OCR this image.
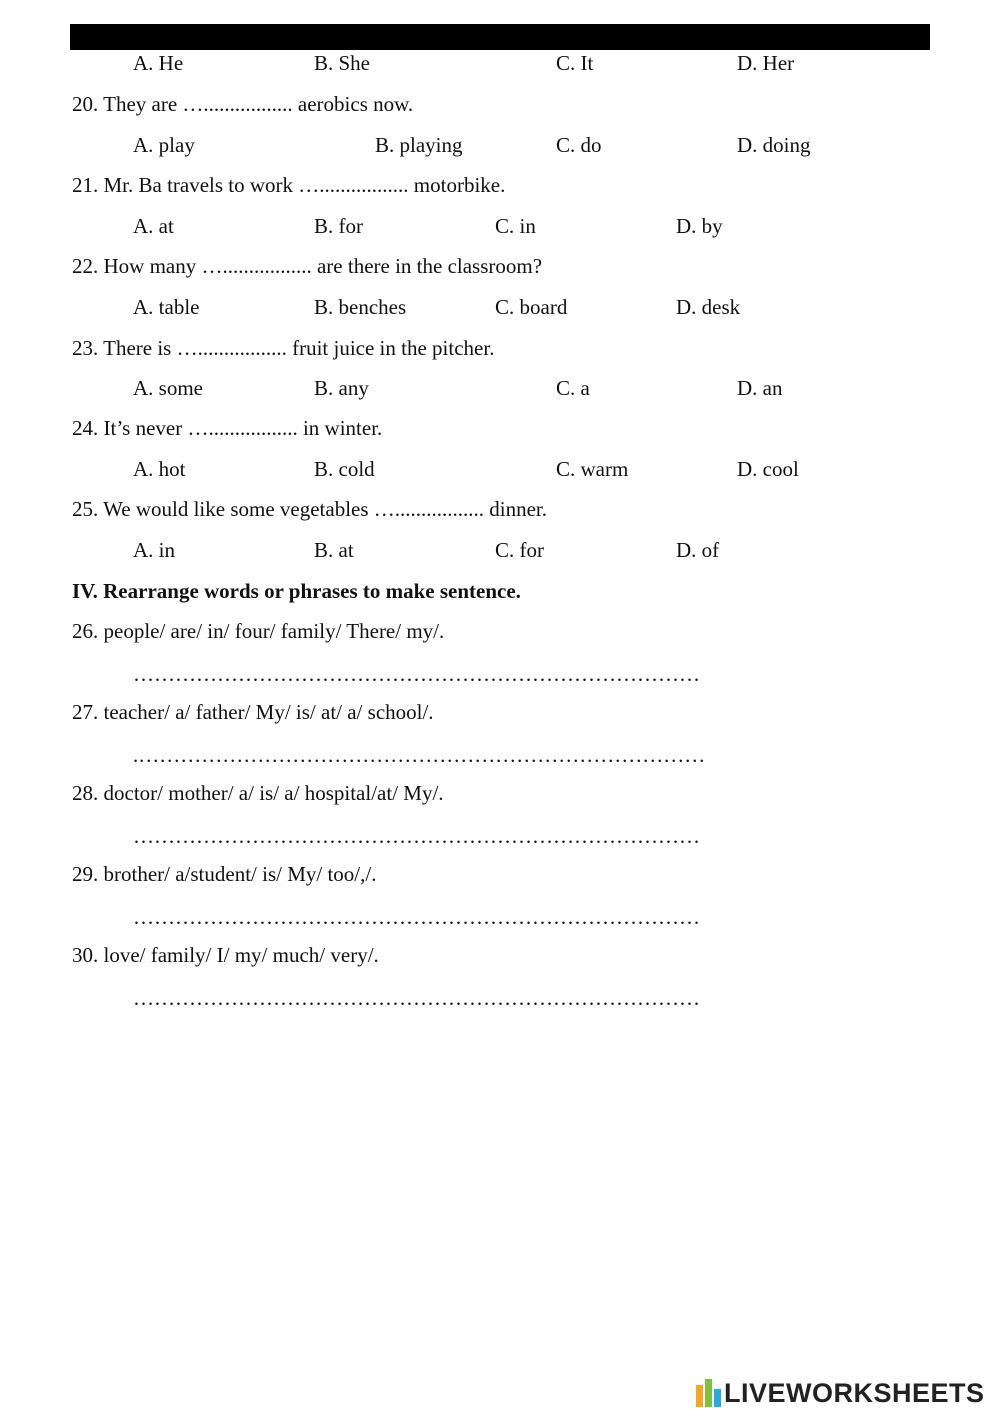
A. He	B. She	C. It	D. Her
20. They are …................. aerobics now.
A. play	B. playing	C. do	D. doing
21. Mr. Ba travels to work …................. motorbike.
A. at	B. for	C. in	D. by
22. How many …................. are there in the classroom?
A. table	B. benches	C. board	D. desk
23. There is …................. fruit juice in the pitcher.
A. some	B. any	C. a	D. an
24. It’s never …................. in winter.
A. hot	B. cold	C. warm	D. cool
25. We would like some vegetables …................. dinner.
A. in	B. at	C. for	D. of
IV. Rearrange words or phrases to make sentence.
26. people/ are/ in/ four/ family/ There/ my/.
………………………………………………………………………
27. teacher/ a/ father/ My/ is/ at/ a/ school/.
.………………………………………………………………………
28. doctor/ mother/ a/ is/ a/ hospital/at/ My/.
………………………………………………………………………
29. brother/ a/student/ is/ My/ too/,/.
………………………………………………………………………
30. love/ family/ I/ my/ much/ very/.
………………………………………………………………………
LIVEWORKSHEETS
